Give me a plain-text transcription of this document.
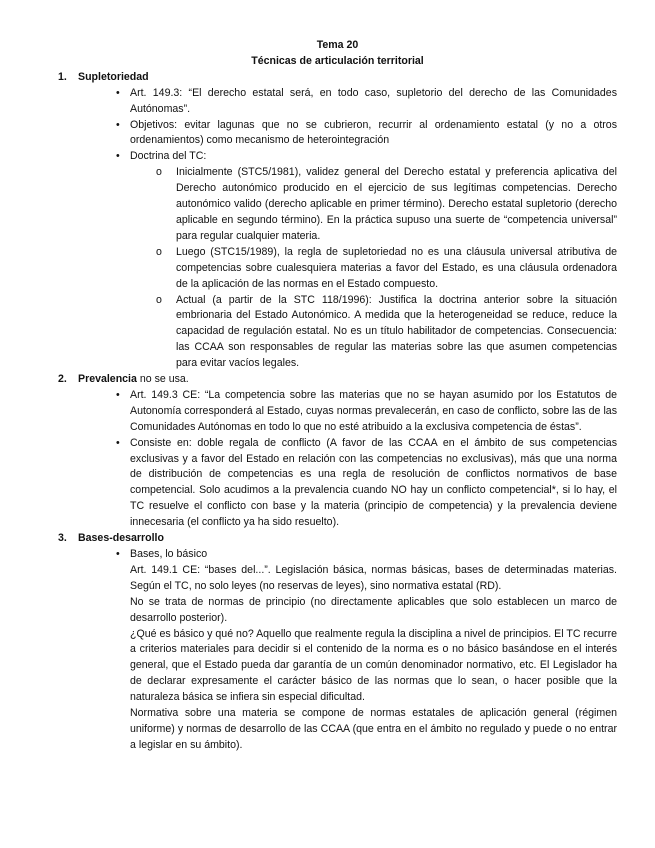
Tema 20

Técnicas de articulación territorial

1. Supletoriedad
• Art. 149.3: “El derecho estatal será, en todo caso, supletorio del derecho de las Comunidades Autónomas”.
• Objetivos: evitar lagunas que no se cubrieron, recurrir al ordenamiento estatal (y no a otros ordenamientos) como mecanismo de heterointegración
• Doctrina del TC:
o Inicialmente (STC5/1981), validez general del Derecho estatal y preferencia aplicativa del Derecho autonómico producido en el ejercicio de sus legítimas competencias. Derecho autonómico valido (derecho aplicable en primer término). Derecho estatal supletorio (derecho aplicable en segundo término). En la práctica supuso una suerte de “competencia universal” para regular cualquier materia.
o Luego (STC15/1989), la regla de supletoriedad no es una cláusula universal atributiva de competencias sobre cualesquiera materias a favor del Estado, es una cláusula ordenadora de la aplicación de las normas en el Estado compuesto.
o Actual (a partir de la STC 118/1996): Justifica la doctrina anterior sobre la situación embrionaria del Estado Autonómico. A medida que la heterogeneidad se reduce, reduce la capacidad de regulación estatal. No es un título habilitador de competencias. Consecuencia: las CCAA son responsables de regular las materias sobre las que asumen competencias para evitar vacíos legales.
2. Prevalencia no se usa.
• Art. 149.3 CE: “La competencia sobre las materias que no se hayan asumido por los Estatutos de Autonomía corresponderá al Estado, cuyas normas prevalecerán, en caso de conflicto, sobre las de las Comunidades Autónomas en todo lo que no esté atribuido a la exclusiva competencia de éstas”.
• Consiste en: doble regala de conflicto (A favor de las CCAA en el ámbito de sus competencias exclusivas y a favor del Estado en relación con las competencias no exclusivas), más que una norma de distribución de competencias es una regla de resolución de conflictos normativos de base competencial. Solo acudimos a la prevalencia cuando NO hay un conflicto competencial*, si lo hay, el TC resuelve el conflicto con base y la materia (principio de competencia) y la prevalencia deviene innecesaria (el conflicto ya ha sido resuelto).
3. Bases-desarrollo
• Bases, lo básico

Art. 149.1 CE: “bases del...”. Legislación básica, normas básicas, bases de determinadas materias. Según el TC, no solo leyes (no reservas de leyes), sino normativa estatal (RD).

No se trata de normas de principio (no directamente aplicables que solo establecen un marco de desarrollo posterior).

¿Qué es básico y qué no? Aquello que realmente regula la disciplina a nivel de principios. El TC recurre a criterios materiales para decidir si el contenido de la norma es o no básico basándose en el interés general, que el Estado pueda dar garantía de un común denominador normativo, etc. El Legislador ha de declarar expresamente el carácter básico de las normas que lo sean, o hacer posible que la naturaleza básica se infiera sin especial dificultad.

Normativa sobre una materia se compone de normas estatales de aplicación general (régimen uniforme) y normas de desarrollo de las CCAA (que entra en el ámbito no regulado y puede o no entrar a legislar en su ámbito).
